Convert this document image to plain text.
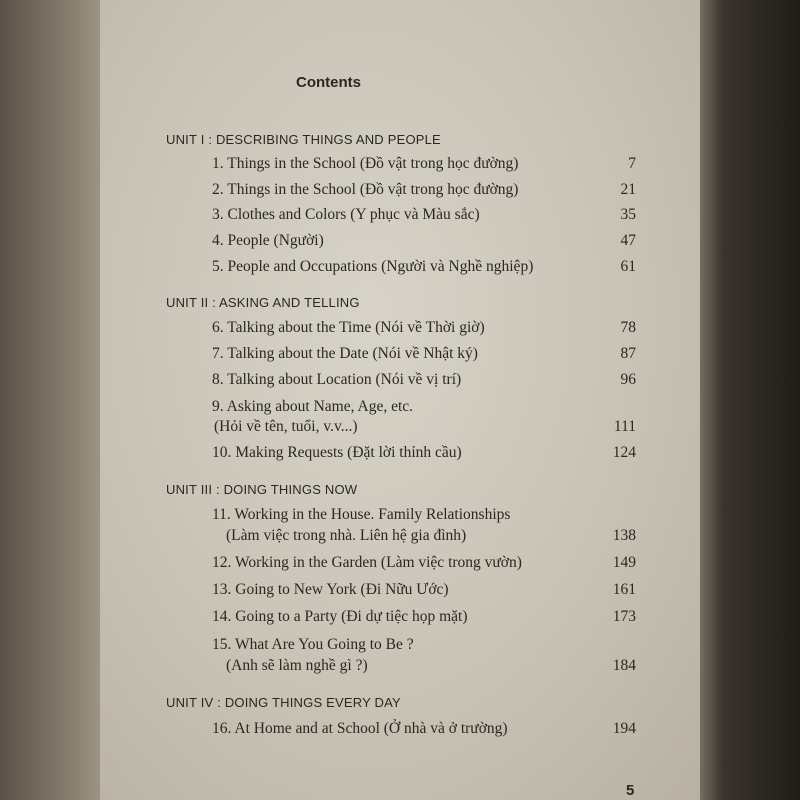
Contents
UNIT I : DESCRIBING THINGS AND PEOPLE
1. Things in the School (Đồ vật trong học đường)	7
2. Things in the School (Đồ vật trong học đường)	21
3. Clothes and Colors (Y phục và Màu sắc)	35
4. People (Người)	47
5. People and Occupations (Người và Nghề nghiệp)	61
UNIT II : ASKING AND TELLING
6. Talking about the Time (Nói về Thời giờ)	78
7. Talking about the Date (Nói về Nhật ký)	87
8. Talking about Location (Nói về vị trí)	96
9. Asking about Name, Age, etc.
(Hỏi về tên, tuổi, v.v...)	111
10. Making Requests (Đặt lời thỉnh cầu)	124
UNIT III : DOING THINGS NOW
11. Working in the House. Family Relationships
(Làm việc trong nhà. Liên hệ gia đình)	138
12. Working in the Garden (Làm việc trong vườn)	149
13. Going to New York (Đi Nữu Ước)	161
14. Going to a Party (Đi dự tiệc họp mặt)	173
15. What Are You Going to Be ?
(Anh sẽ làm nghề gì ?)	184
UNIT IV : DOING THINGS EVERY DAY
16. At Home and at School (Ở nhà và ở trường)	194
5
